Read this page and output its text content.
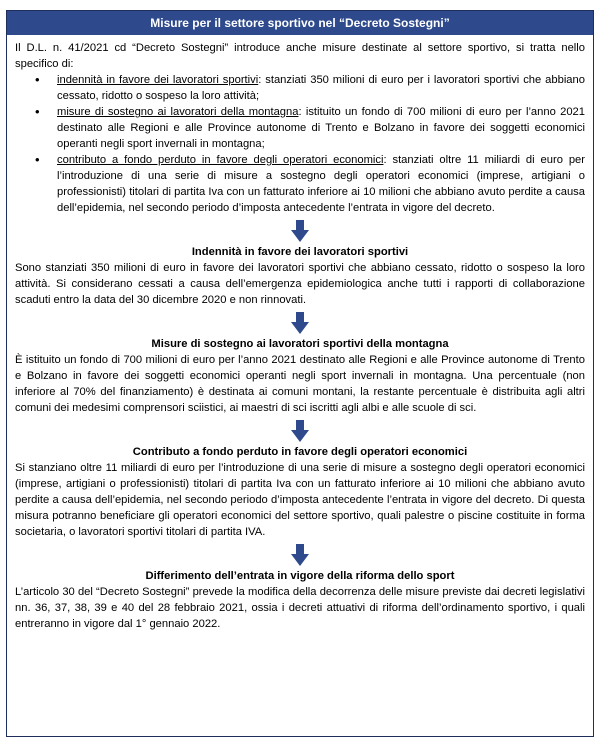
Misure per il settore sportivo nel “Decreto Sostegni”

Il D.L. n. 41/2021 cd “Decreto Sostegni” introduce anche misure destinate al settore sportivo, si tratta nello specifico di:

• indennità in favore dei lavoratori sportivi: stanziati 350 milioni di euro per i lavoratori sportivi che abbiano cessato, ridotto o sospeso la loro attività;
• misure di sostegno ai lavoratori della montagna: istituito un fondo di 700 milioni di euro per l’anno 2021 destinato alle Regioni e alle Province autonome di Trento e Bolzano in favore dei soggetti economici operanti negli sport invernali in montagna;
• contributo a fondo perduto in favore degli operatori economici: stanziati oltre 11 miliardi di euro per l’introduzione di una serie di misure a sostegno degli operatori economici (imprese, artigiani o professionisti) titolari di partita Iva con un fatturato inferiore ai 10 milioni che abbiano avuto perdite a causa dell’epidemia, nel secondo periodo d’imposta antecedente l’entrata in vigore del decreto.
Indennità in favore dei lavoratori sportivi

Sono stanziati 350 milioni di euro in favore dei lavoratori sportivi che abbiano cessato, ridotto o sospeso la loro attività. Si considerano cessati a causa dell’emergenza epidemiologica anche tutti i rapporti di collaborazione scaduti entro la data del 30 dicembre 2020 e non rinnovati.

Misure di sostegno ai lavoratori sportivi della montagna

È istituito un fondo di 700 milioni di euro per l’anno 2021 destinato alle Regioni e alle Province autonome di Trento e Bolzano in favore dei soggetti economici operanti negli sport invernali in montagna. Una percentuale (non inferiore al 70% del finanziamento) è destinata ai comuni montani, la restante percentuale è distribuita agli altri comuni dei medesimi comprensori sciistici, ai maestri di sci iscritti agli albi e alle scuole di sci.

Contributo a fondo perduto in favore degli operatori economici

Si stanziano oltre 11 miliardi di euro per l’introduzione di una serie di misure a sostegno degli operatori economici (imprese, artigiani o professionisti) titolari di partita Iva con un fatturato inferiore ai 10 milioni che abbiano avuto perdite a causa dell’epidemia, nel secondo periodo d’imposta antecedente l’entrata in vigore del decreto. Di questa misura potranno beneficiare gli operatori economici del settore sportivo, quali palestre o piscine costituite in forma societaria, o lavoratori sportivi titolari di partita IVA.

Differimento dell’entrata in vigore della riforma dello sport

L’articolo 30 del “Decreto Sostegni” prevede la modifica della decorrenza delle misure previste dai decreti legislativi nn. 36, 37, 38, 39 e 40 del 28 febbraio 2021, ossia i decreti attuativi di riforma dell’ordinamento sportivo, i quali entreranno in vigore dal 1° gennaio 2022.
